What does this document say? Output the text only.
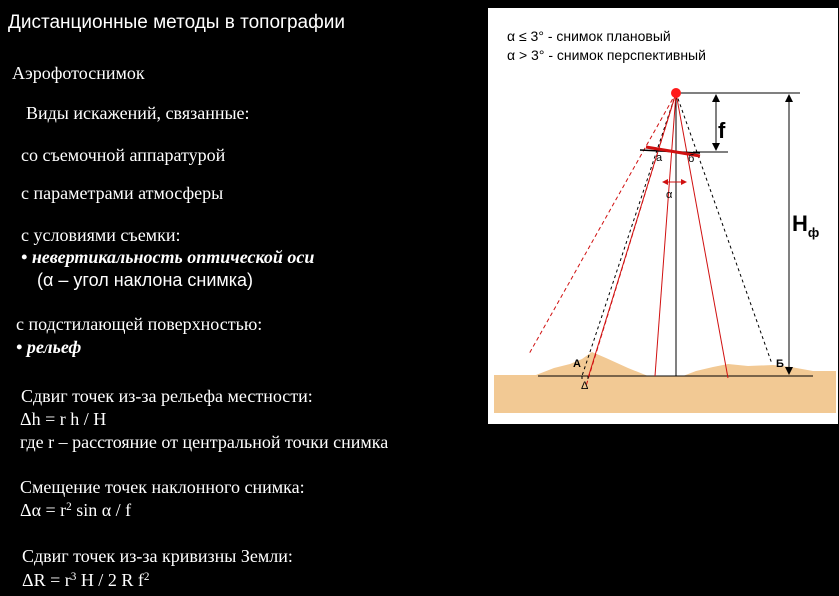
Дистанционные методы в топографии
Аэрофотоснимок
Виды искажений, связанные:
со съемочной аппаратурой
с параметрами атмосферы
с условиями съемки:
• невертикальность оптической оси
(α – угол наклона снимка)
с подстилающей поверхностью:
• рельеф
Сдвиг точек из-за рельефа местности:
Δh = r h / H
где r – расстояние от центральной точки снимка
Смещение точек наклонного снимка:
$\Delta\alpha = r^2$ sin α / f
Сдвиг точек из-за кривизны Земли:
$\Delta R = r^3$ H / 2 R $f^2$
α ≤ 3° - снимок плановый
α > 3° - снимок перспективный
f
$H_ф$
а б
α
А	Б
Δ
